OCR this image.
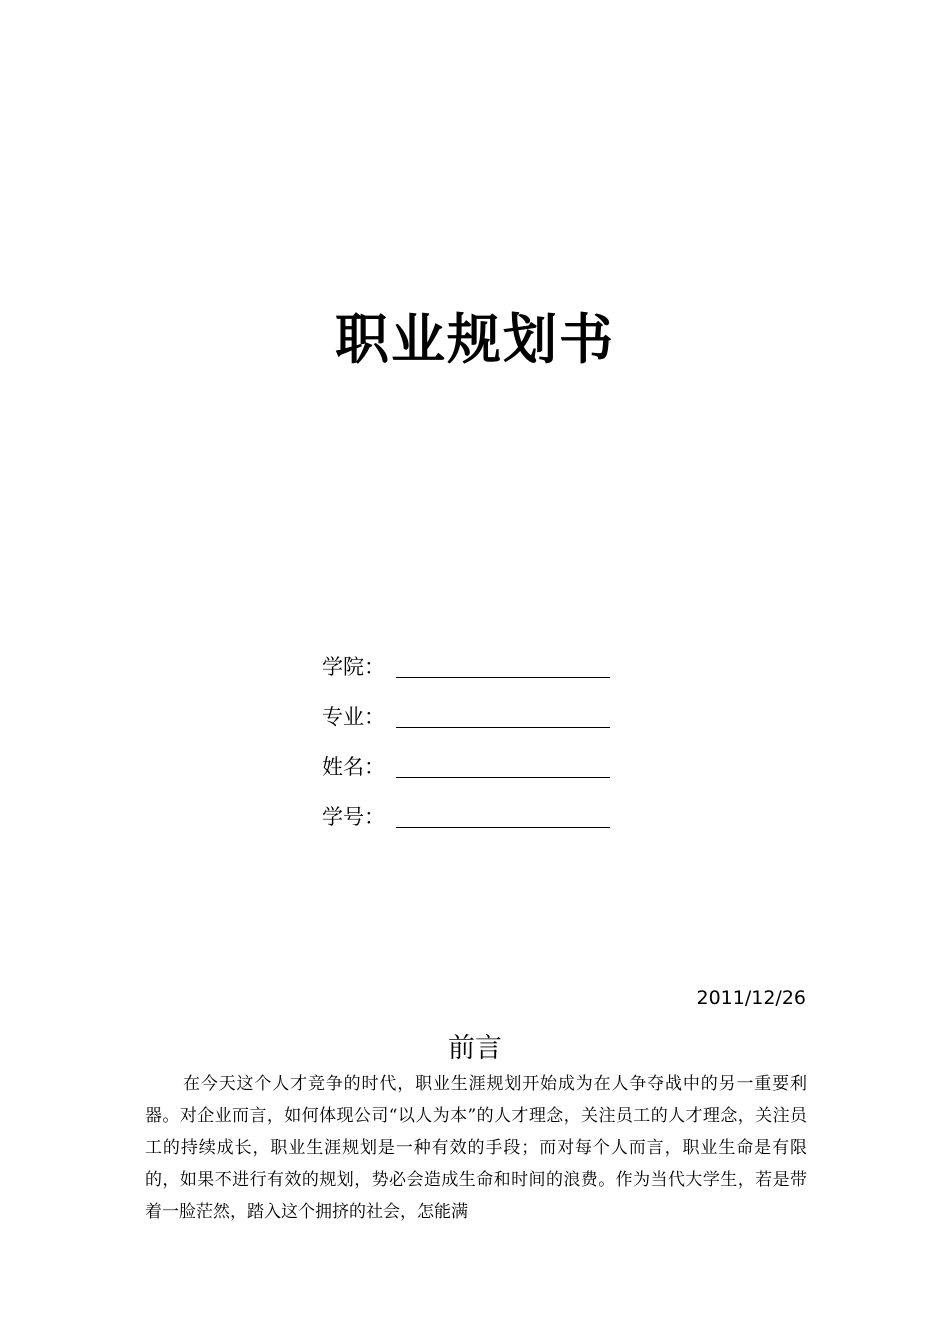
职业规划书
学院：
专业：
姓名：
学号：
2011/12/26
前言

在今天这个人才竞争的时代，职业生涯规划开始成为在人争夺战中的另一重要利器。对企业而言，如何体现公司“以人为本”的人才理念，关注员工的人才理念，关注员工的持续成长，职业生涯规划是一种有效的手段；而对每个人而言，职业生命是有限的，如果不进行有效的规划，势必会造成生命和时间的浪费。作为当代大学生，若是带着一脸茫然，踏入这个拥挤的社会，怎能满
